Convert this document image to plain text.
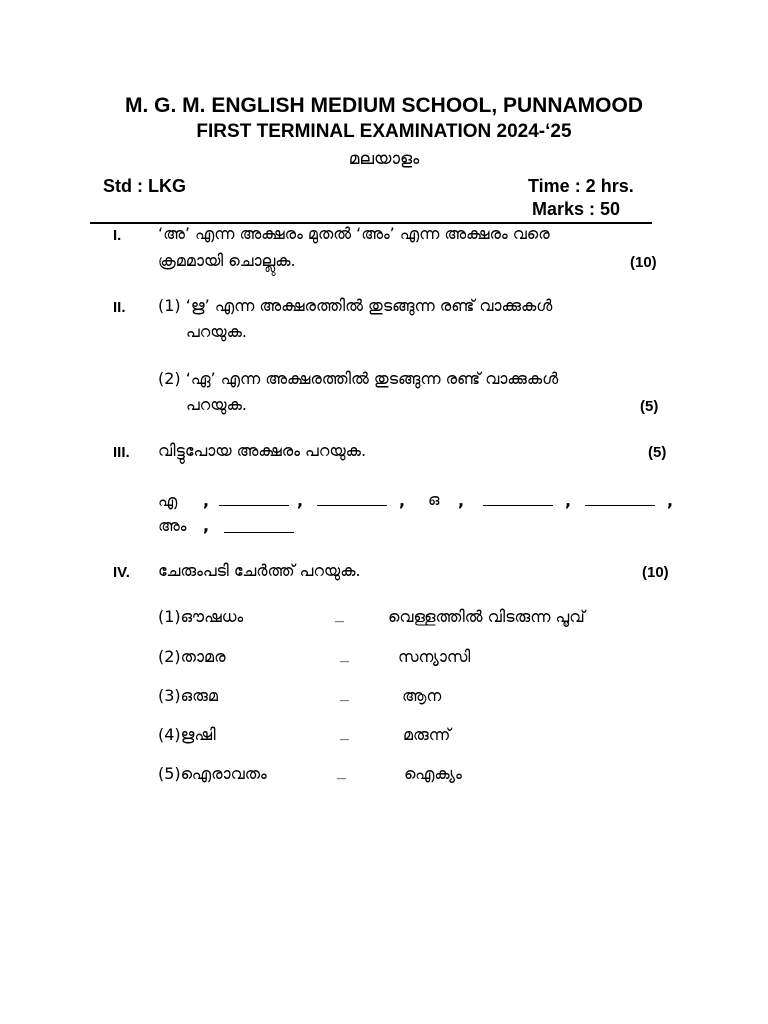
M. G. M. ENGLISH MEDIUM SCHOOL, PUNNAMOOD
FIRST TERMINAL EXAMINATION 2024-‘25
മലയാളം
Std : LKG	Time : 2 hrs.
Marks : 50
I. ‘അ’ എന്ന അക്ഷരം മുതൽ ‘അം’ എന്ന അക്ഷരം വരെ
ക്രമമായി ചൊല്ലുക.	(10)
II. (1) ‘ഋ’ എന്ന അക്ഷരത്തിൽ തുടങ്ങുന്ന രണ്ട് വാക്കുകൾ
പറയുക.
(2) ‘ഏ’ എന്ന അക്ഷരത്തിൽ തുടങ്ങുന്ന രണ്ട് വാക്കുകൾ
പറയുക.	(5)
III. വിട്ടുപോയ അക്ഷരം പറയുക.	(5)
എ ,	,	, ഒ ,	,	,
അം ,
IV. ചേരുംപടി ചേർത്ത് പറയുക.	(10)
(1)ഔഷധം	_	വെള്ളത്തിൽ വിടരുന്ന പൂവ്
(2)താമര	_	സന്യാസി
(3)ഒരുമ	_	ആന
(4)ഋഷി	_	മരുന്ന്
(5)ഐരാവതം	_	ഐക്യം
